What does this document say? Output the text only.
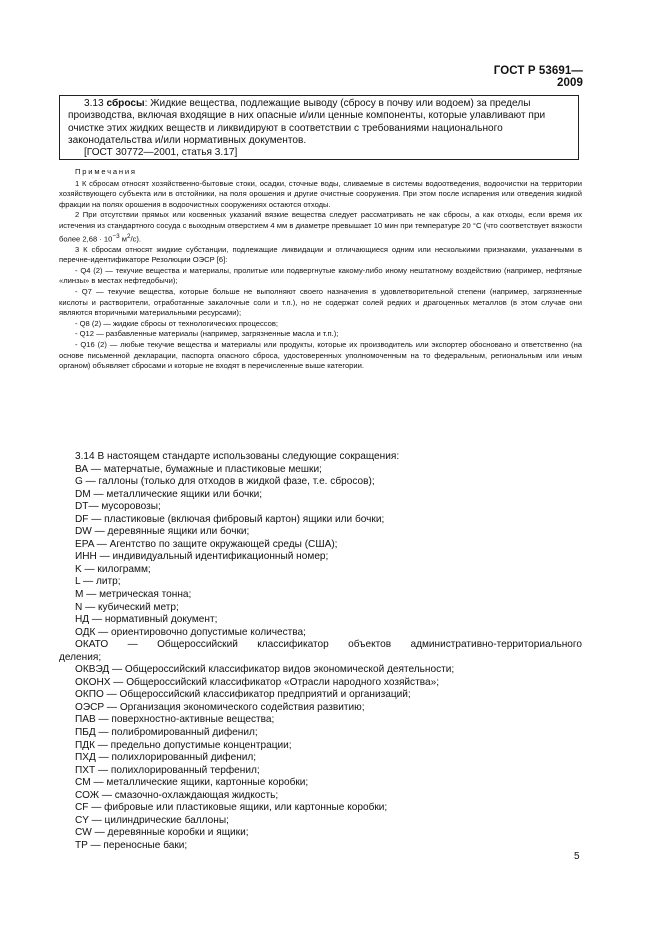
ГОСТ Р 53691—2009

3.13 сбросы: Жидкие вещества, подлежащие выводу (сбросу в почву или водоем) за пределы производства, включая входящие в них опасные и/или ценные компоненты, которые улавливают при очистке этих жидких веществ и ликвидируют в соответствии с требованиями национального законодательства и/или нормативных документов.

[ГОСТ 30772—2001, статья 3.17]

Примечания

1 К сбросам относят хозяйственно-бытовые стоки, осадки, сточные воды, сливаемые в системы водоотведения, водоочистки на территории хозяйствующего субъекта или в отстойники, на поля орошения и другие очистные сооружения. При этом после испарения или отведения жидкой фракции на полях орошения в водоочистных сооружениях остаются отходы.

2 При отсутствии прямых или косвенных указаний вязкие вещества следует рассматривать не как сбросы, а как отходы, если время их истечения из стандартного сосуда с выходным отверстием 4 мм в диаметре превышает 10 мин при температуре 20 °C (что соответствует вязкости более $2,68 \cdot 10^{-3}$ $м^2/с$).

3 К сбросам относят жидкие субстанции, подлежащие ликвидации и отличающиеся одним или несколькими признаками, указанными в перечне-идентификаторе Резолюции ОЭСР [6]:

- Q4 (2) — текучие вещества и материалы, пролитые или подвергнутые какому-либо иному нештатному воздействию (например, нефтяные «линзы» в местах нефтедобычи);

- Q7 — текучие вещества, которые больше не выполняют своего назначения в удовлетворительной степени (например, загрязненные кислоты и растворители, отработанные закалочные соли и т.п.), но не содержат солей редких и драгоценных металлов (в этом случае они являются вторичными материальными ресурсами);

- Q8 (2) — жидкие сбросы от технологических процессов;

- Q12 — разбавленные материалы (например, загрязненные масла и т.п.);

- Q16 (2) — любые текучие вещества и материалы или продукты, которые их производитель или экспортер обосновано и ответственно (на основе письменной декларации, паспорта опасного сброса, удостоверенных уполномоченным на то федеральным, региональным или иным органом) объявляет сбросами и которые не входят в перечисленные выше категории.

3.14 В настоящем стандарте использованы следующие сокращения:

ВА — матерчатые, бумажные и пластиковые мешки;
G — галлоны (только для отходов в жидкой фазе, т.е. сбросов);
DM — металлические ящики или бочки;
DT— мусоровозы;
DF — пластиковые (включая фибровый картон) ящики или бочки;
DW — деревянные ящики или бочки;
EPA — Агентство по защите окружающей среды (США);
ИНН — индивидуальный идентификационный номер;
K — килограмм;
L — литр;
M — метрическая тонна;
N — кубический метр;
НД — нормативный документ;
ОДК — ориентировочно допустимые количества;
ОКАТО — Общероссийский классификатор объектов административно-территориального
деления;
ОКВЭД — Общероссийский классификатор видов экономической деятельности;
ОКОНХ — Общероссийский классификатор «Отрасли народного хозяйства»;
ОКПО — Общероссийский классификатор предприятий и организаций;
ОЭСР — Организация экономического содействия развитию;
ПАВ — поверхностно-активные вещества;
ПБД — полибромированный дифенил;
ПДК — предельно допустимые концентрации;
ПХД — полихлорированный дифенил;
ПХТ — полихлорированный терфенил;
CM — металлические ящики, картонные коробки;
СОЖ — смазочно-охлаждающая жидкость;
CF — фибровые или пластиковые ящики, или картонные коробки;
CY — цилиндрические баллоны;
CW — деревянные коробки и ящики;
TP — переносные баки;
5
